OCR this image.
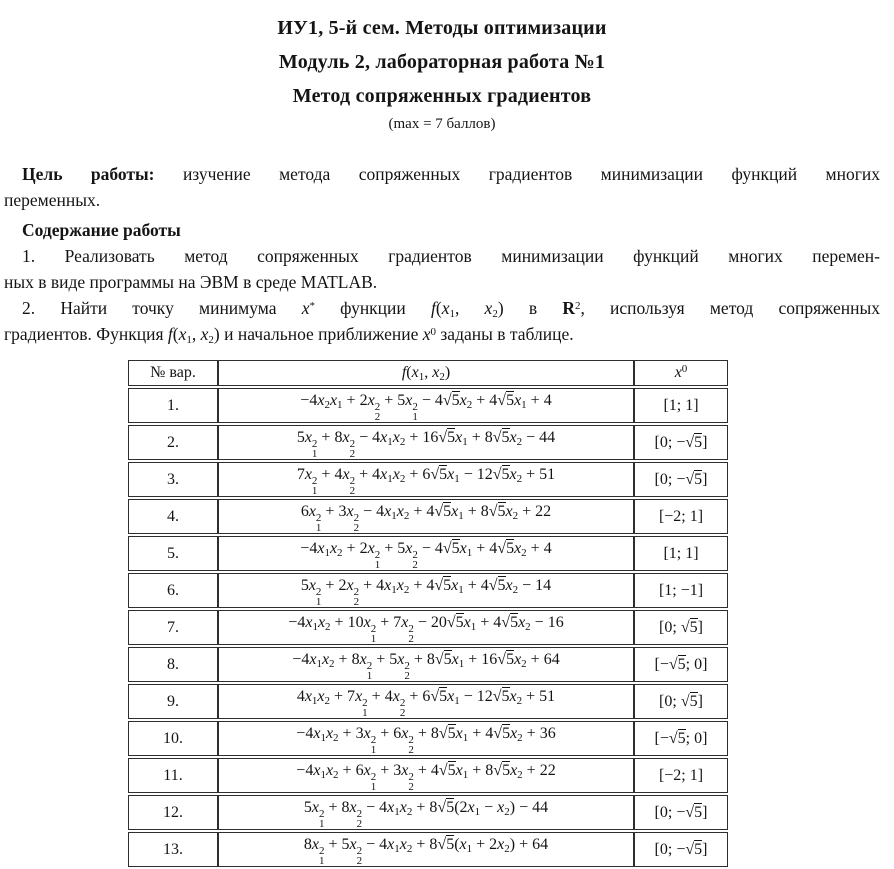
ИУ1, 5-й сем. Методы оптимизации
Модуль 2, лабораторная работа №1
Метод сопряженных градиентов
(max = 7 баллов)
Цель работы: изучение метода сопряженных градиентов минимизации функций многих
переменных.
Содержание работы
1. Реализовать метод сопряженных градиентов минимизации функций многих перемен-
ных в виде программы на ЭВМ в среде MATLAB.
2. Найти точку минимума x* функции $f(x_1$, $x_2$) в $R^2$, используя метод сопряженных
градиентов. Функция $f(x_1$, $x_2$) и начальное приближение $x^0$ заданы в таблице.
№ вар.	$f(x_1$, $x_2$)	$x^0$
1.	$-4x_2x_1 + 2x$ 2
2
+ 5x 2
1
− $4√5x_2 + 4√5x_1 + 4$	[1; 1]
2.	5x 2
1
+ 8x 2
2
− $4x_1x_2 + 16√5x_1 + 8√5x_2 - 44$	[0; −√5]
3.	7x 2
1
+ 4x 2
2
+ $4x_1x_2 + 6√5x_1 - 12√5x_2 + 51$	[0; −√5]
4.	6x 2
1
+ 3x 2
2
− $4x_1x_2 + 4√5x_1 + 8√5x_2 + 22$	[−2; 1]
5.	$-4x_1x_2 + 2x$ 2
1
+ 5x 2
2
− $4√5x_1 + 4√5x_2 + 4$	[1; 1]
6.	5x 2
1
+ 2x 2
2
+ $4x_1x_2 + 4√5x_1 + 4√5x_2 - 14$	[1; −1]
7.	$-4x_1x_2 + 10x$ 2
1
+ 7x 2
2
− $20√5x_1 + 4√5x_2 - 16$	[0; √5]
8.	$-4x_1x_2 + 8x$ 2
1
+ 5x 2
2
+ $8√5x_1 + 16√5x_2 + 64$	[−√5; 0]
9.	$4x_1x_2 + 7x$ 2
1
+ 4x 2
2
+ $6√5x_1 - 12√5x_2 + 51$	[0; √5]
10.	$-4x_1x_2 + 3x$ 2
1
+ 6x 2
2
+ $8√5x_1 + 4√5x_2 + 36$	[−√5; 0]
11.	$-4x_1x_2 + 6x$ 2
1
+ 3x 2
2
+ $4√5x_1 + 8√5x_2 + 22$	[−2; 1]
12.	5x 2
1
+ 8x 2
2
− $4x_1x_2 + 8√5(2x_1 - x_2) - 44$	[0; −√5]
13.	8x 2
1
+ 5x 2
2
− $4x_1x_2 + 8√5(x_1 + 2x_2) + 64$	[0; −√5]
